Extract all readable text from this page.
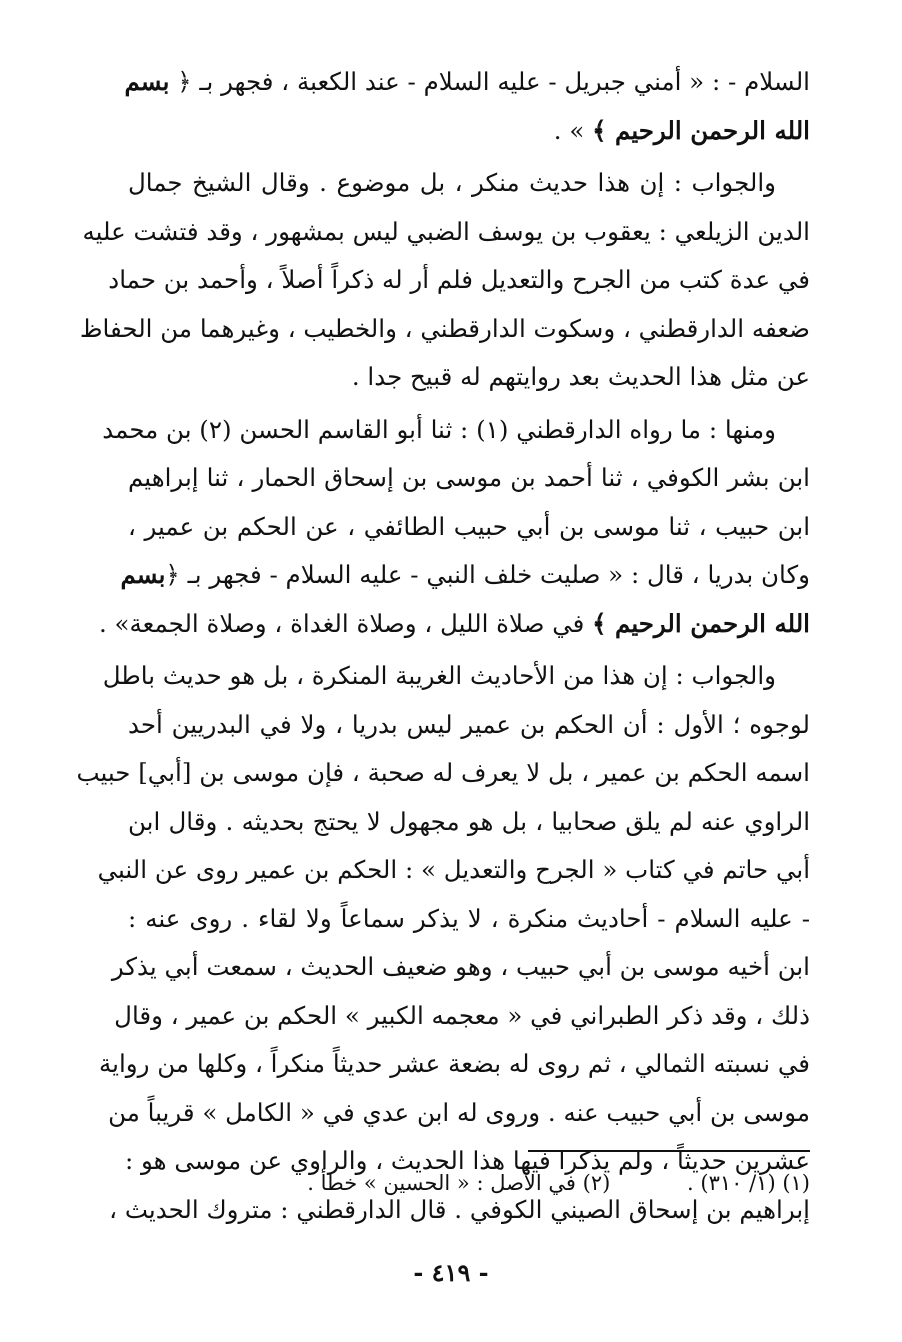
السلام - : « أمني جبريل - عليه السلام - عند الكعبة ، فجهر بـ ﴿ بسم
الله الرحمن الرحيم ﴾ » .
والجواب : إن هذا حديث منكر ، بل موضوع . وقال الشيخ جمال
الدين الزيلعي : يعقوب بن يوسف الضبي ليس بمشهور ، وقد فتشت عليه
في عدة كتب من الجرح والتعديل فلم أر له ذكراً أصلاً ، وأحمد بن حماد
ضعفه الدارقطني ، وسكوت الدارقطني ، والخطيب ، وغيرهما من الحفاظ
عن مثل هذا الحديث بعد روايتهم له قبيح جدا .
ومنها : ما رواه الدارقطني (١) : ثنا أبو القاسم الحسن (٢) بن محمد
ابن بشر الكوفي ، ثنا أحمد بن موسى بن إسحاق الحمار ، ثنا إبراهيم
ابن حبيب ، ثنا موسى بن أبي حبيب الطائفي ، عن الحكم بن عمير ،
وكان بدريا ، قال : « صليت خلف النبي - عليه السلام - فجهر بـ ﴿بسم
الله الرحمن الرحيم ﴾ في صلاة الليل ، وصلاة الغداة ، وصلاة الجمعة» .
والجواب : إن هذا من الأحاديث الغريبة المنكرة ، بل هو حديث باطل
لوجوه ؛ الأول : أن الحكم بن عمير ليس بدريا ، ولا في البدريين أحد
اسمه الحكم بن عمير ، بل لا يعرف له صحبة ، فإن موسى بن [أبي] حبيب
الراوي عنه لم يلق صحابيا ، بل هو مجهول لا يحتج بحديثه . وقال ابن
أبي حاتم في كتاب « الجرح والتعديل » : الحكم بن عمير روى عن النبي
- عليه السلام - أحاديث منكرة ، لا يذكر سماعاً ولا لقاء . روى عنه :
ابن أخيه موسى بن أبي حبيب ، وهو ضعيف الحديث ، سمعت أبي يذكر
ذلك ، وقد ذكر الطبراني في « معجمه الكبير » الحكم بن عمير ، وقال
في نسبته الثمالي ، ثم روى له بضعة عشر حديثاً منكراً ، وكلها من رواية
موسى بن أبي حبيب عنه . وروى له ابن عدي في « الكامل » قريباً من
عشرين حديثاً ، ولم يذكرا فيها هذا الحديث ، والراوي عن موسى هو :
إبراهيم بن إسحاق الصيني الكوفي . قال الدارقطني : متروك الحديث ،
(١) (١/ ٣١٠) . (٢) في الأصل : « الحسين » خطأ .
- ٤١٩ -
